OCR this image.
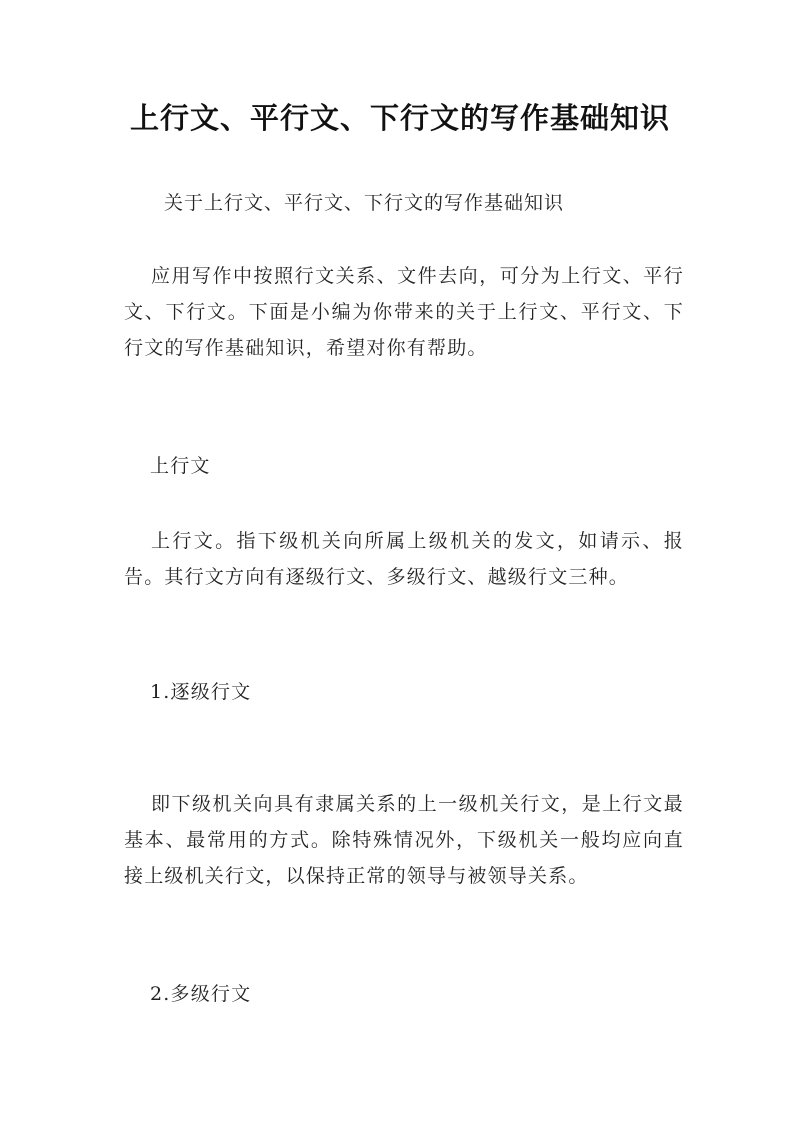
上行文、平行文、下行文的写作基础知识

关于上行文、平行文、下行文的写作基础知识

应用写作中按照行文关系、文件去向，可分为上行文、平行文、下行文。下面是小编为你带来的关于上行文、平行文、下行文的写作基础知识，希望对你有帮助。

上行文

上行文。指下级机关向所属上级机关的发文，如请示、报告。其行文方向有逐级行文、多级行文、越级行文三种。

1.逐级行文

即下级机关向具有隶属关系的上一级机关行文，是上行文最基本、最常用的方式。除特殊情况外，下级机关一般均应向直接上级机关行文，以保持正常的领导与被领导关系。

2.多级行文
